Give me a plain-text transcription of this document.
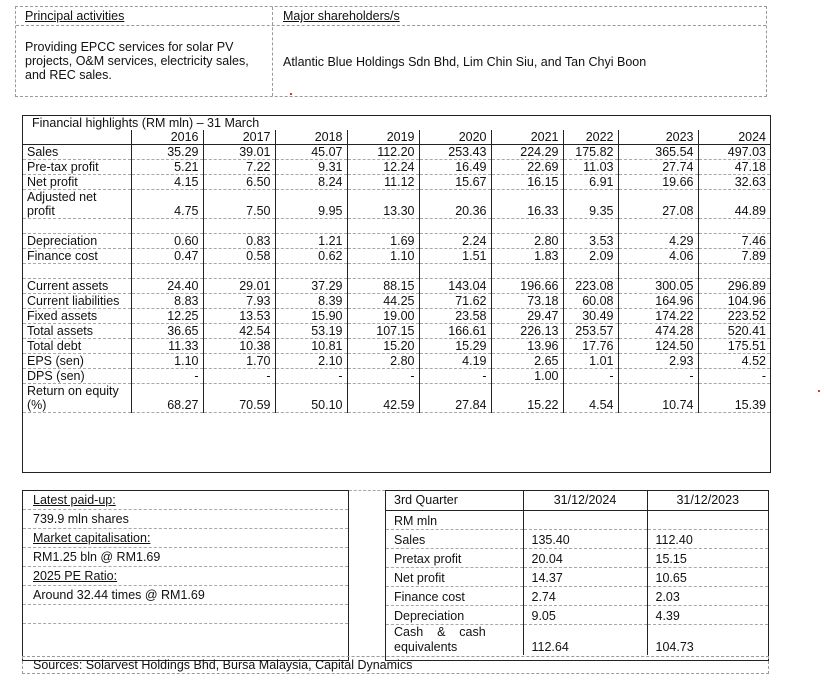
Principal activities
Providing EPCC services for solar PV projects, O&M services, electricity sales, and REC sales.
Major shareholders/s
Atlantic Blue Holdings Sdn Bhd, Lim Chin Siu, and Tan Chyi Boon
Financial highlights (RM mln) – 31 March									
	2016	2017	2018	2019	2020	2021	2022	2023	2024
Sales	35.29	39.01	45.07	112.20	253.43	224.29	175.82	365.54	497.03
Pre-tax profit	5.21	7.22	9.31	12.24	16.49	22.69	11.03	27.74	47.18
Net profit	4.15	6.50	8.24	11.12	15.67	16.15	6.91	19.66	32.63
Adjusted net profit	4.75	7.50	9.95	13.30	20.36	16.33	9.35	27.08	44.89

Depreciation	0.60	0.83	1.21	1.69	2.24	2.80	3.53	4.29	7.46
Finance cost	0.47	0.58	0.62	1.10	1.51	1.83	2.09	4.06	7.89

Current assets	24.40	29.01	37.29	88.15	143.04	196.66	223.08	300.05	296.89
Current liabilities	8.83	7.93	8.39	44.25	71.62	73.18	60.08	164.96	104.96
Fixed assets	12.25	13.53	15.90	19.00	23.58	29.47	30.49	174.22	223.52
Total assets	36.65	42.54	53.19	107.15	166.61	226.13	253.57	474.28	520.41
Total debt	11.33	10.38	10.81	15.20	15.29	13.96	17.76	124.50	175.51
EPS (sen)	1.10	1.70	2.10	2.80	4.19	2.65	1.01	2.93	4.52
DPS (sen)	-	-	-	-	-	1.00	-	-	-
Return on equity (%)	68.27	70.59	50.10	42.59	27.84	15.22	4.54	10.74	15.39
Latest paid-up:
739.9 mln shares
Market capitalisation:
RM1.25 bln @ RM1.69
2025 PE Ratio:
Around 32.44 times @ RM1.69
3rd Quarter	31/12/2024	31/12/2023
RM mln		
Sales	135.40	112.40
Pretax profit	20.04	15.15
Net profit	14.37	10.65
Finance cost	2.74	2.03
Depreciation	9.05	4.39

Cash    &    cash
equivalents	112.64	104.73
Sources: Solarvest Holdings Bhd, Bursa Malaysia, Capital Dynamics
